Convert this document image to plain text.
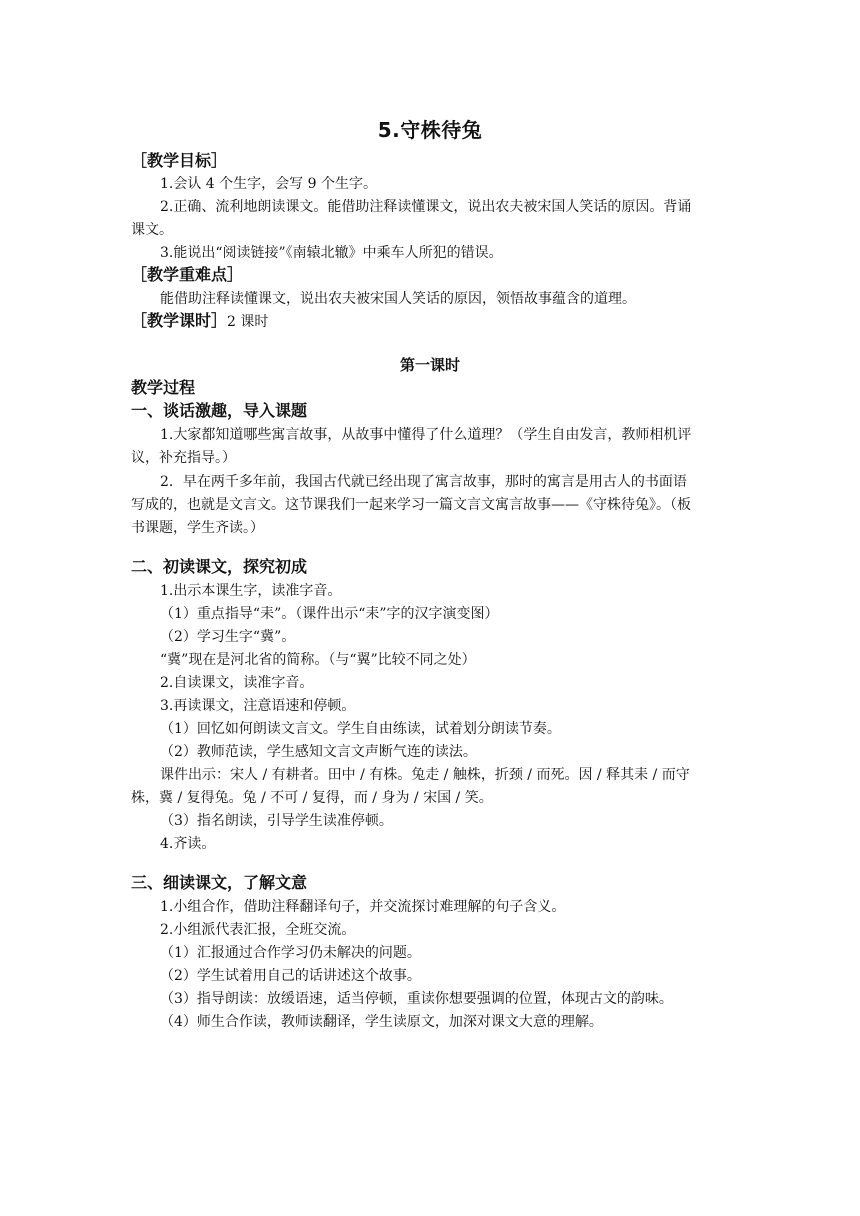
5.守株待兔
［教学目标］
1.会认 4 个生字，会写 9 个生字。
2.正确、流利地朗读课文。能借助注释读懂课文，说出农夫被宋国人笑话的原因。背诵
课文。
3.能说出“阅读链接”《南辕北辙》中乘车人所犯的错误。
［教学重难点］
能借助注释读懂课文，说出农夫被宋国人笑话的原因，领悟故事蕴含的道理。
［教学课时］2 课时
第一课时
教学过程
一、谈话激趣，导入课题
1.大家都知道哪些寓言故事，从故事中懂得了什么道理？（学生自由发言，教师相机评
议，补充指导。）
2．早在两千多年前，我国古代就已经出现了寓言故事，那时的寓言是用古人的书面语
写成的，也就是文言文。这节课我们一起来学习一篇文言文寓言故事——《守株待兔》。（板
书课题，学生齐读。）
二、初读课文，探究初成
1.出示本课生字，读准字音。
（1）重点指导“耒”。（课件出示“耒”字的汉字演变图）
（2）学习生字“冀”。
“冀”现在是河北省的简称。（与“翼”比较不同之处）
2.自读课文，读准字音。
3.再读课文，注意语速和停顿。
（1）回忆如何朗读文言文。学生自由练读，试着划分朗读节奏。
（2）教师范读，学生感知文言文声断气连的读法。
课件出示：宋人 / 有耕者。田中 / 有株。兔走 / 触株，折颈 / 而死。因 / 释其耒 / 而守
株，冀 / 复得兔。兔 / 不可 / 复得，而 / 身为 / 宋国 / 笑。
（3）指名朗读，引导学生读准停顿。
4.齐读。
三、细读课文，了解文意
1.小组合作，借助注释翻译句子，并交流探讨难理解的句子含义。
2.小组派代表汇报，全班交流。
（1）汇报通过合作学习仍未解决的问题。
（2）学生试着用自己的话讲述这个故事。
（3）指导朗读：放缓语速，适当停顿，重读你想要强调的位置，体现古文的韵味。
（4）师生合作读，教师读翻译，学生读原文，加深对课文大意的理解。
